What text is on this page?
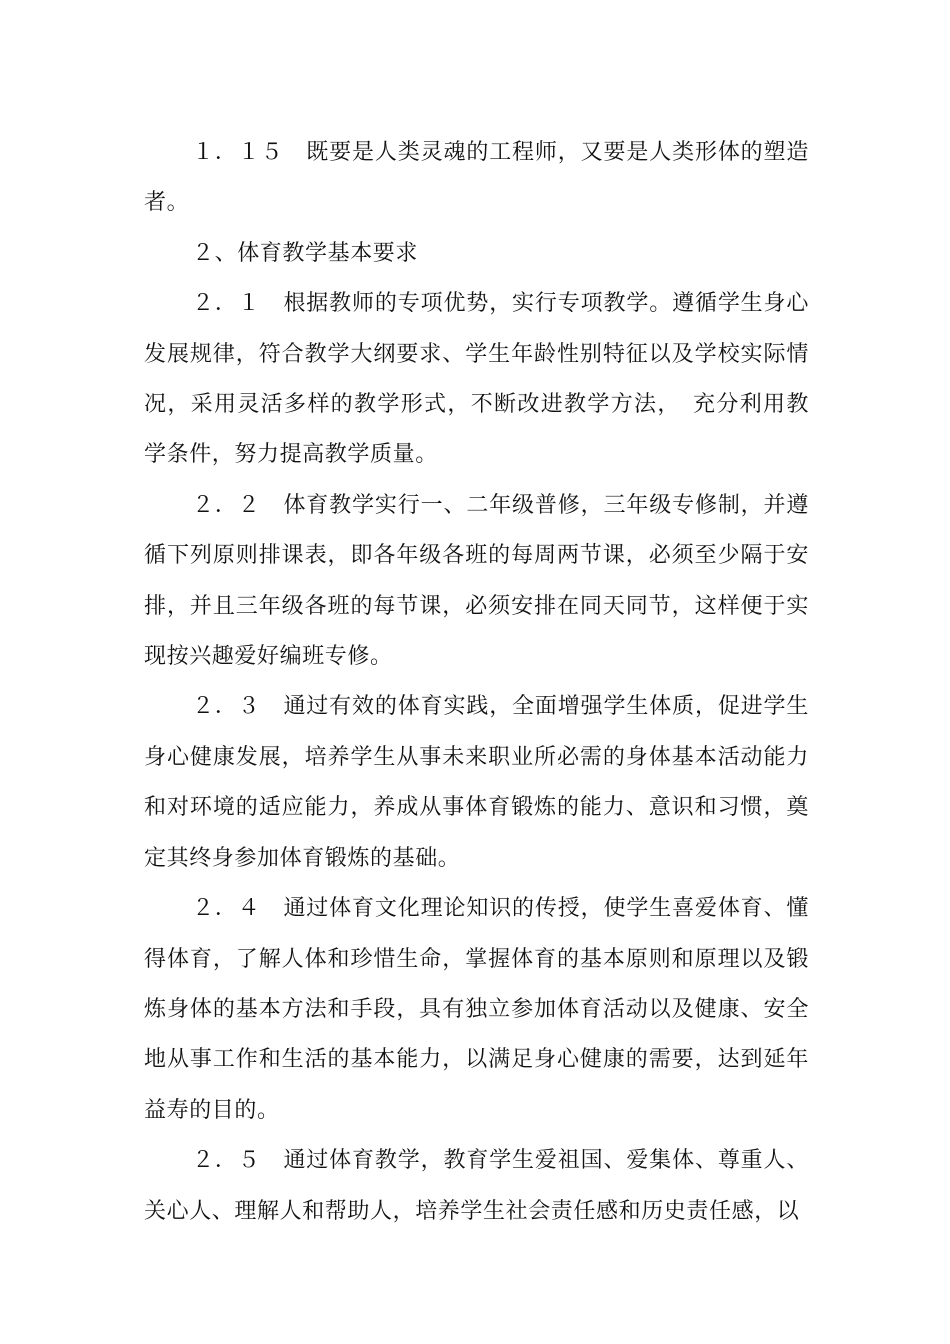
１．１５　既要是人类灵魂的工程师，又要是人类形体的塑造者。

２、体育教学基本要求

２．１　根据教师的专项优势，实行专项教学。遵循学生身心发展规律，符合教学大纲要求、学生年龄性别特征以及学校实际情况，采用灵活多样的教学形式，不断改进教学方法，　充分利用教学条件，努力提高教学质量。

２．２　体育教学实行一、二年级普修，三年级专修制，并遵循下列原则排课表，即各年级各班的每周两节课，必须至少隔于安排，并且三年级各班的每节课，必须安排在同天同节，这样便于实现按兴趣爱好编班专修。

２．３　通过有效的体育实践，全面增强学生体质，促进学生身心健康发展，培养学生从事未来职业所必需的身体基本活动能力和对环境的适应能力，养成从事体育锻炼的能力、意识和习惯，奠定其终身参加体育锻炼的基础。

２．４　通过体育文化理论知识的传授，使学生喜爱体育、懂得体育，了解人体和珍惜生命，掌握体育的基本原则和原理以及锻炼身体的基本方法和手段，具有独立参加体育活动以及健康、安全地从事工作和生活的基本能力，以满足身心健康的需要，达到延年益寿的目的。

２．５　通过体育教学，教育学生爱祖国、爱集体、尊重人、关心人、理解人和帮助人，培养学生社会责任感和历史责任感，以
